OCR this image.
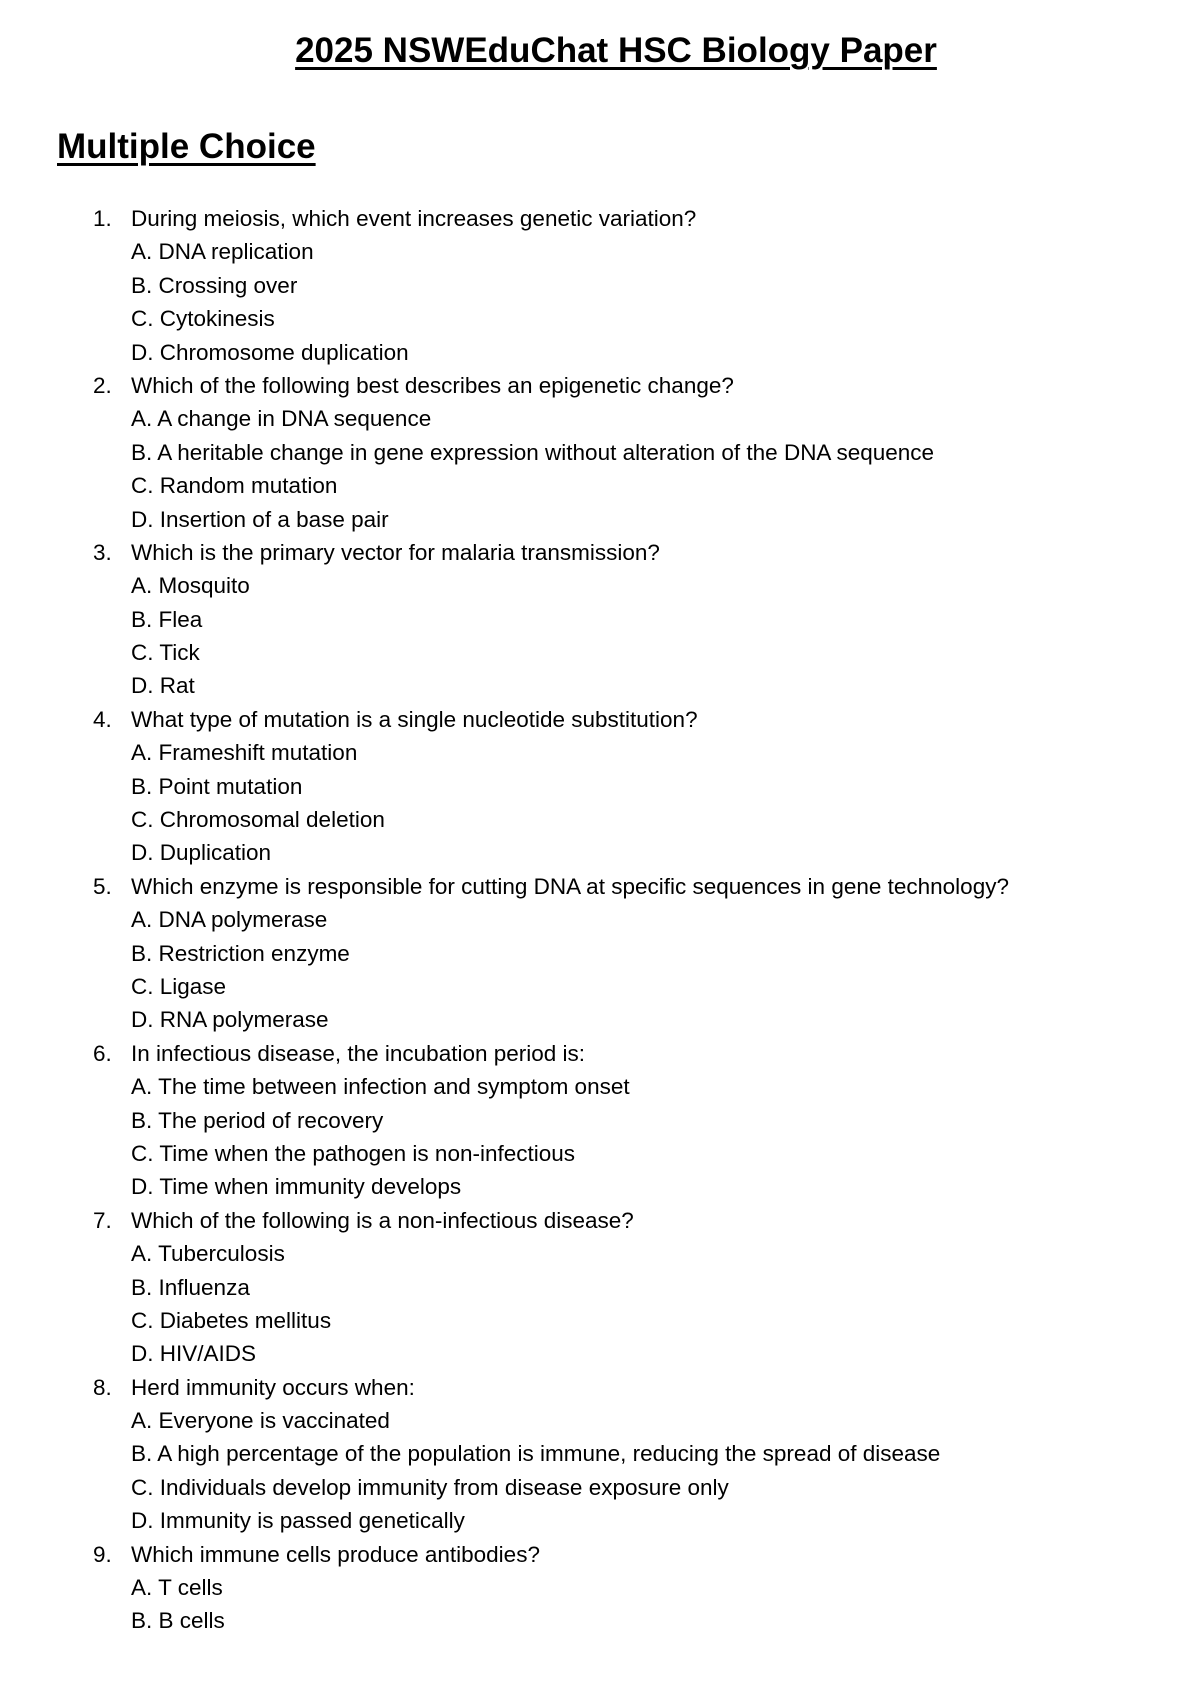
2025 NSWEduChat HSC Biology Paper
Multiple Choice
1. During meiosis, which event increases genetic variation?
A. DNA replication
B. Crossing over
C. Cytokinesis
D. Chromosome duplication
2. Which of the following best describes an epigenetic change?
A. A change in DNA sequence
B. A heritable change in gene expression without alteration of the DNA sequence
C. Random mutation
D. Insertion of a base pair
3. Which is the primary vector for malaria transmission?
A. Mosquito
B. Flea
C. Tick
D. Rat
4. What type of mutation is a single nucleotide substitution?
A. Frameshift mutation
B. Point mutation
C. Chromosomal deletion
D. Duplication
5. Which enzyme is responsible for cutting DNA at specific sequences in gene technology?
A. DNA polymerase
B. Restriction enzyme
C. Ligase
D. RNA polymerase
6. In infectious disease, the incubation period is:
A. The time between infection and symptom onset
B. The period of recovery
C. Time when the pathogen is non-infectious
D. Time when immunity develops
7. Which of the following is a non-infectious disease?
A. Tuberculosis
B. Influenza
C. Diabetes mellitus
D. HIV/AIDS
8. Herd immunity occurs when:
A. Everyone is vaccinated
B. A high percentage of the population is immune, reducing the spread of disease
C. Individuals develop immunity from disease exposure only
D. Immunity is passed genetically
9. Which immune cells produce antibodies?
A. T cells
B. B cells
